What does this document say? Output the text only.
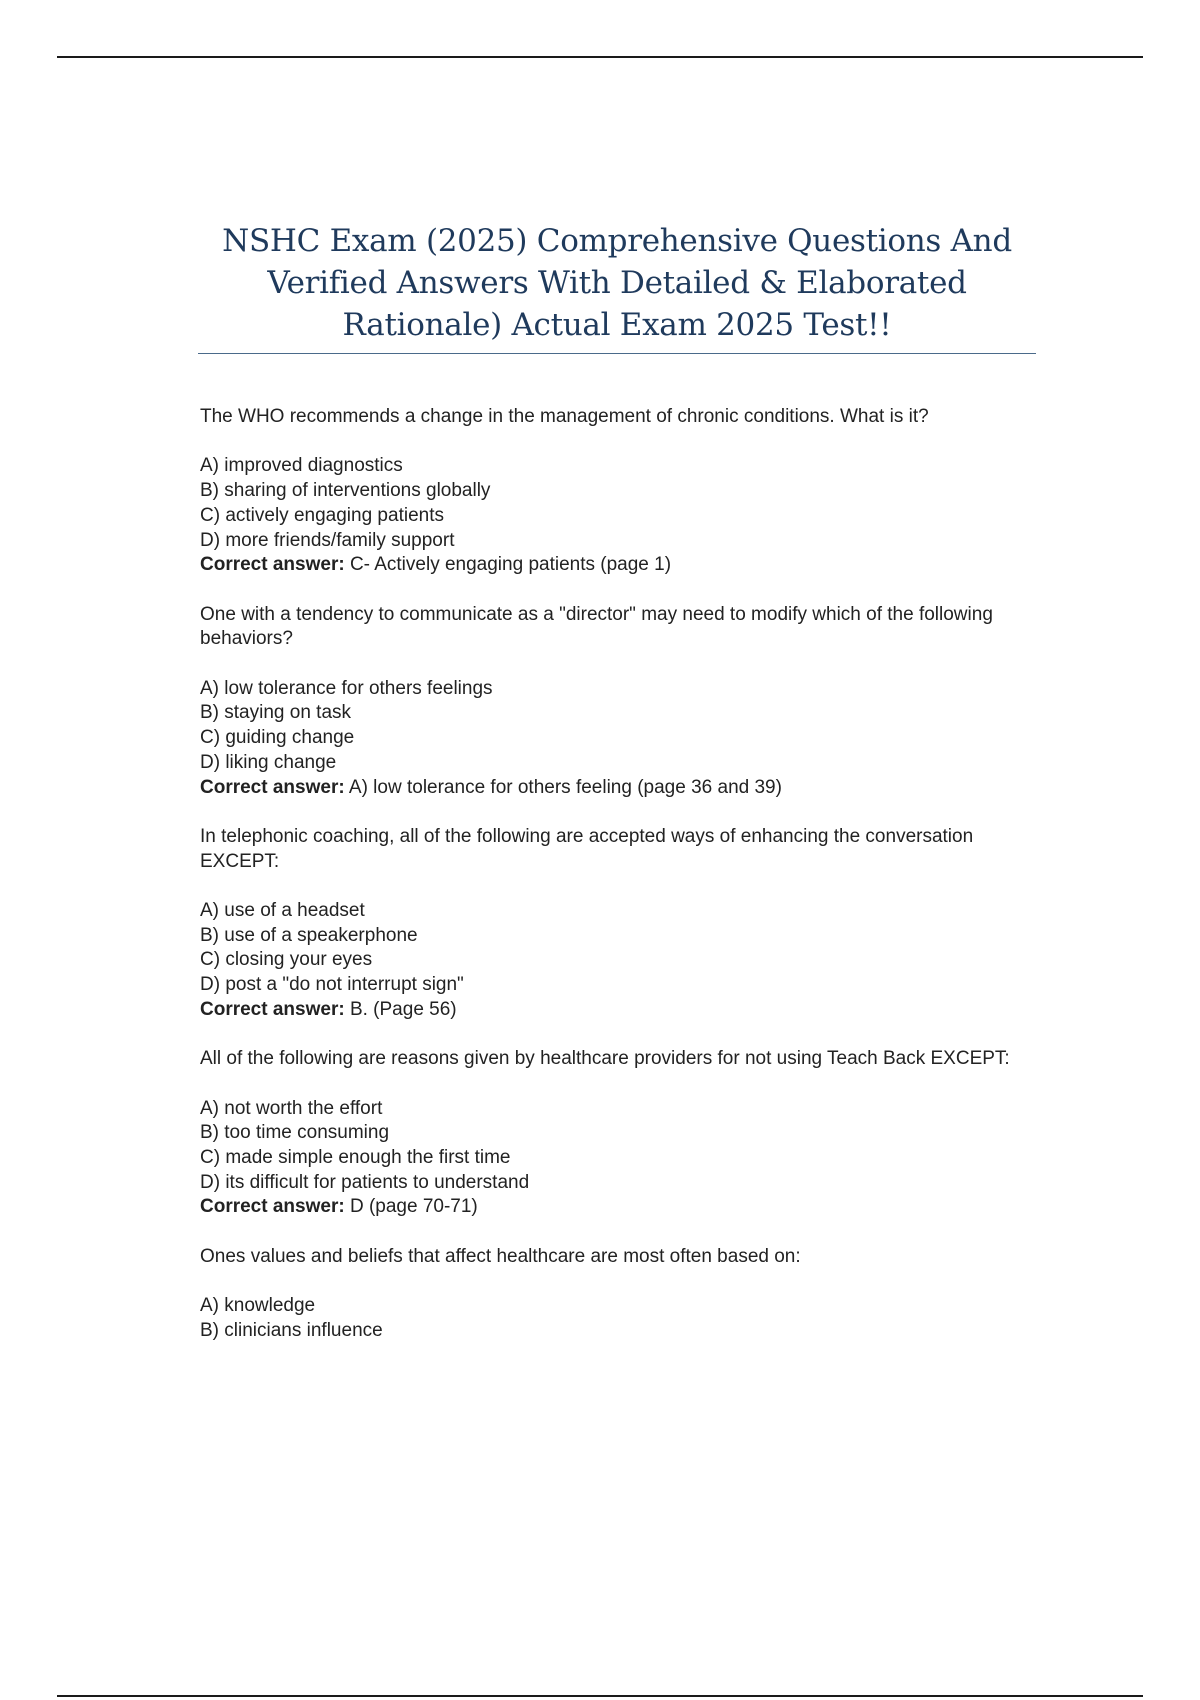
NSHC Exam (2025) Comprehensive Questions And Verified Answers With Detailed & Elaborated Rationale) Actual Exam 2025 Test!!

The WHO recommends a change in the management of chronic conditions. What is it?

A) improved diagnostics
B) sharing of interventions globally
C) actively engaging patients
D) more friends/family support

Correct answer: C- Actively engaging patients (page 1)

One with a tendency to communicate as a "director" may need to modify which of the following behaviors?

A) low tolerance for others feelings
B) staying on task
C) guiding change
D) liking change

Correct answer: A) low tolerance for others feeling (page 36 and 39)

In telephonic coaching, all of the following are accepted ways of enhancing the conversation EXCEPT:

A) use of a headset
B) use of a speakerphone
C) closing your eyes
D) post a "do not interrupt sign"

Correct answer: B. (Page 56)

All of the following are reasons given by healthcare providers for not using Teach Back EXCEPT:

A) not worth the effort
B) too time consuming
C) made simple enough the first time
D) its difficult for patients to understand

Correct answer: D (page 70-71)

Ones values and beliefs that affect healthcare are most often based on:

A) knowledge
B) clinicians influence
